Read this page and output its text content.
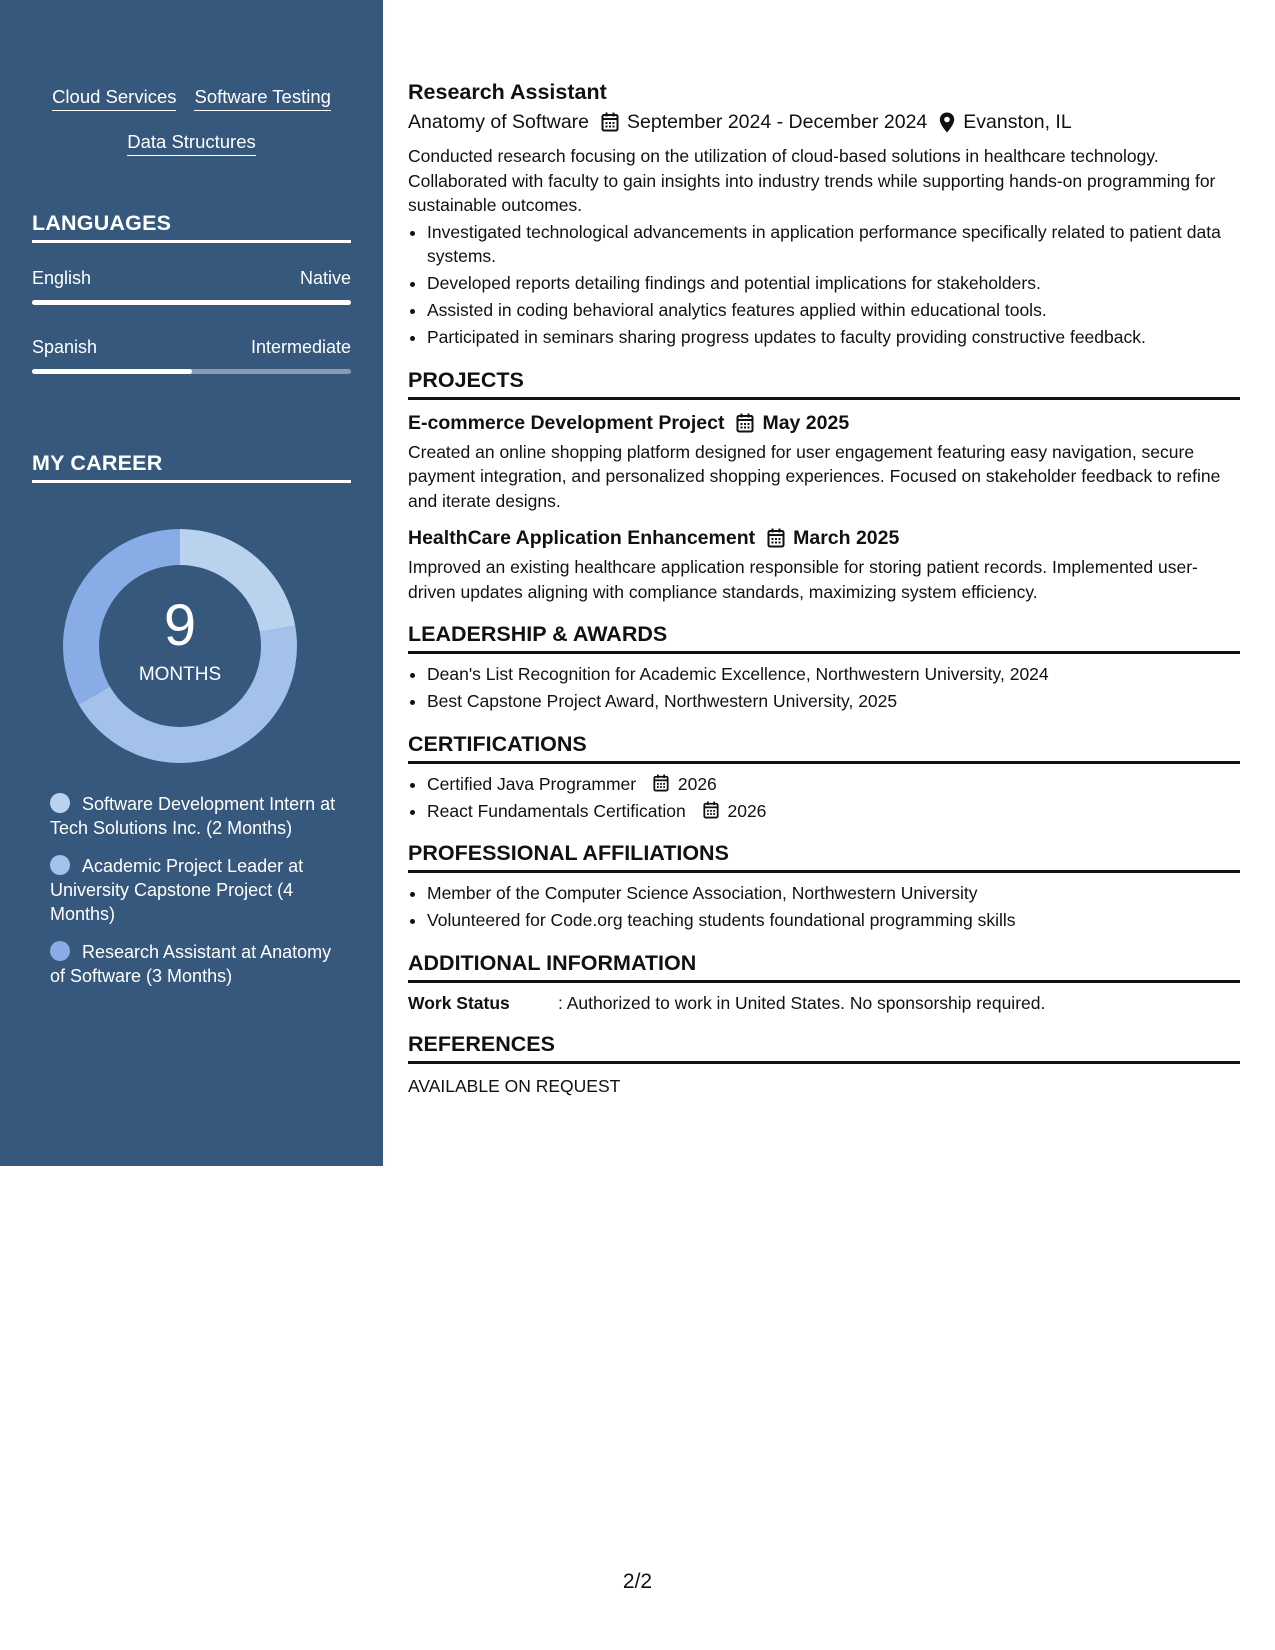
Cloud Services Software Testing
Data Structures
LANGUAGES
English	Native
Spanish	Intermediate
MY CAREER
9
MONTHS
Software Development Intern at Tech Solutions Inc. (2 Months)
Academic Project Leader at University Capstone Project (4 Months)
Research Assistant at Anatomy of Software (3 Months)
Research Assistant
Anatomy of Software September 2024 - December 2024 Evanston, IL

Conducted research focusing on the utilization of cloud-based solutions in healthcare technology. Collaborated with faculty to gain insights into industry trends while supporting hands-on programming for sustainable outcomes.

• Investigated technological advancements in application performance specifically related to patient data systems.
• Developed reports detailing findings and potential implications for stakeholders.
• Assisted in coding behavioral analytics features applied within educational tools.
• Participated in seminars sharing progress updates to faculty providing constructive feedback.
PROJECTS
E-commerce Development Project May 2025

Created an online shopping platform designed for user engagement featuring easy navigation, secure payment integration, and personalized shopping experiences. Focused on stakeholder feedback to refine and iterate designs.

HealthCare Application Enhancement March 2025

Improved an existing healthcare application responsible for storing patient records. Implemented user-driven updates aligning with compliance standards, maximizing system efficiency.

LEADERSHIP & AWARDS
• Dean's List Recognition for Academic Excellence, Northwestern University, 2024
• Best Capstone Project Award, Northwestern University, 2025
CERTIFICATIONS
• Certified Java Programmer 2026
• React Fundamentals Certification 2026
PROFESSIONAL AFFILIATIONS
• Member of the Computer Science Association, Northwestern University
• Volunteered for Code.org teaching students foundational programming skills
ADDITIONAL INFORMATION
Work Status	: Authorized to work in United States. No sponsorship required.
REFERENCES
AVAILABLE ON REQUEST
2/2
